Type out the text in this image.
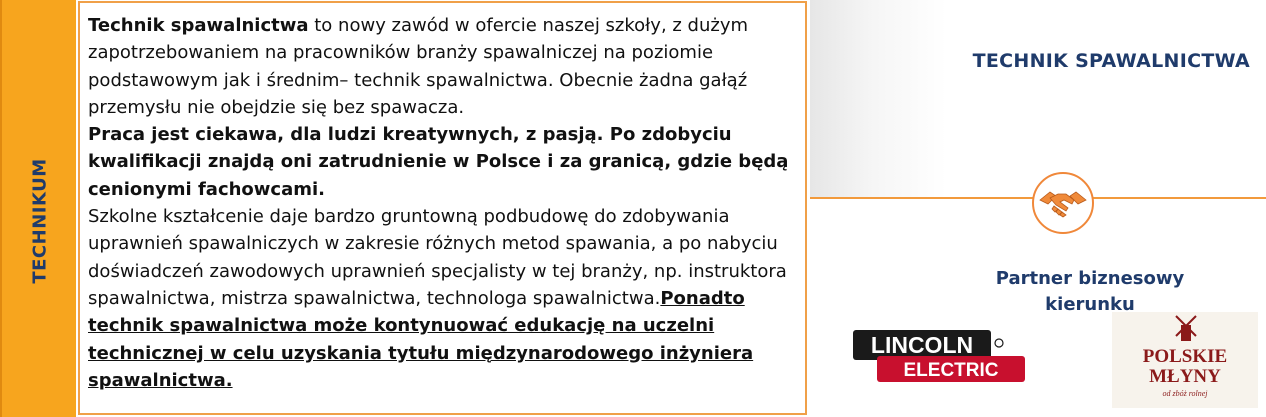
TECHNIKUM

Technik spawalnictwa to nowy zawód w ofercie naszej szkoły, z dużym zapotrzebowaniem na pracowników branży spawalniczej na poziomie podstawowym jak i średnim– technik spawalnictwa. Obecnie żadna gałąź przemysłu nie obejdzie się bez spawacza.

Praca jest ciekawa, dla ludzi kreatywnych, z pasją. Po zdobyciu kwalifikacji znajdą oni zatrudnienie w Polsce i za granicą, gdzie będą cenionymi fachowcami.

Szkolne kształcenie daje bardzo gruntowną podbudowę do zdobywania uprawnień spawalniczych w zakresie różnych metod spawania, a po nabyciu doświadczeń zawodowych uprawnień specjalisty w tej branży, np. instruktora spawalnictwa, mistrza spawalnictwa, technologa spawalnictwa.Ponadto technik spawalnictwa może kontynuować edukację na uczelni technicznej w celu uzyskania tytułu międzynarodowego inżyniera spawalnictwa.

TECHNIK SPAWALNICTWA
Partner biznesowy
kierunku
LINCOLN
ELECTRIC
POLSKIE
MŁYNY
od zbóż rolnej
